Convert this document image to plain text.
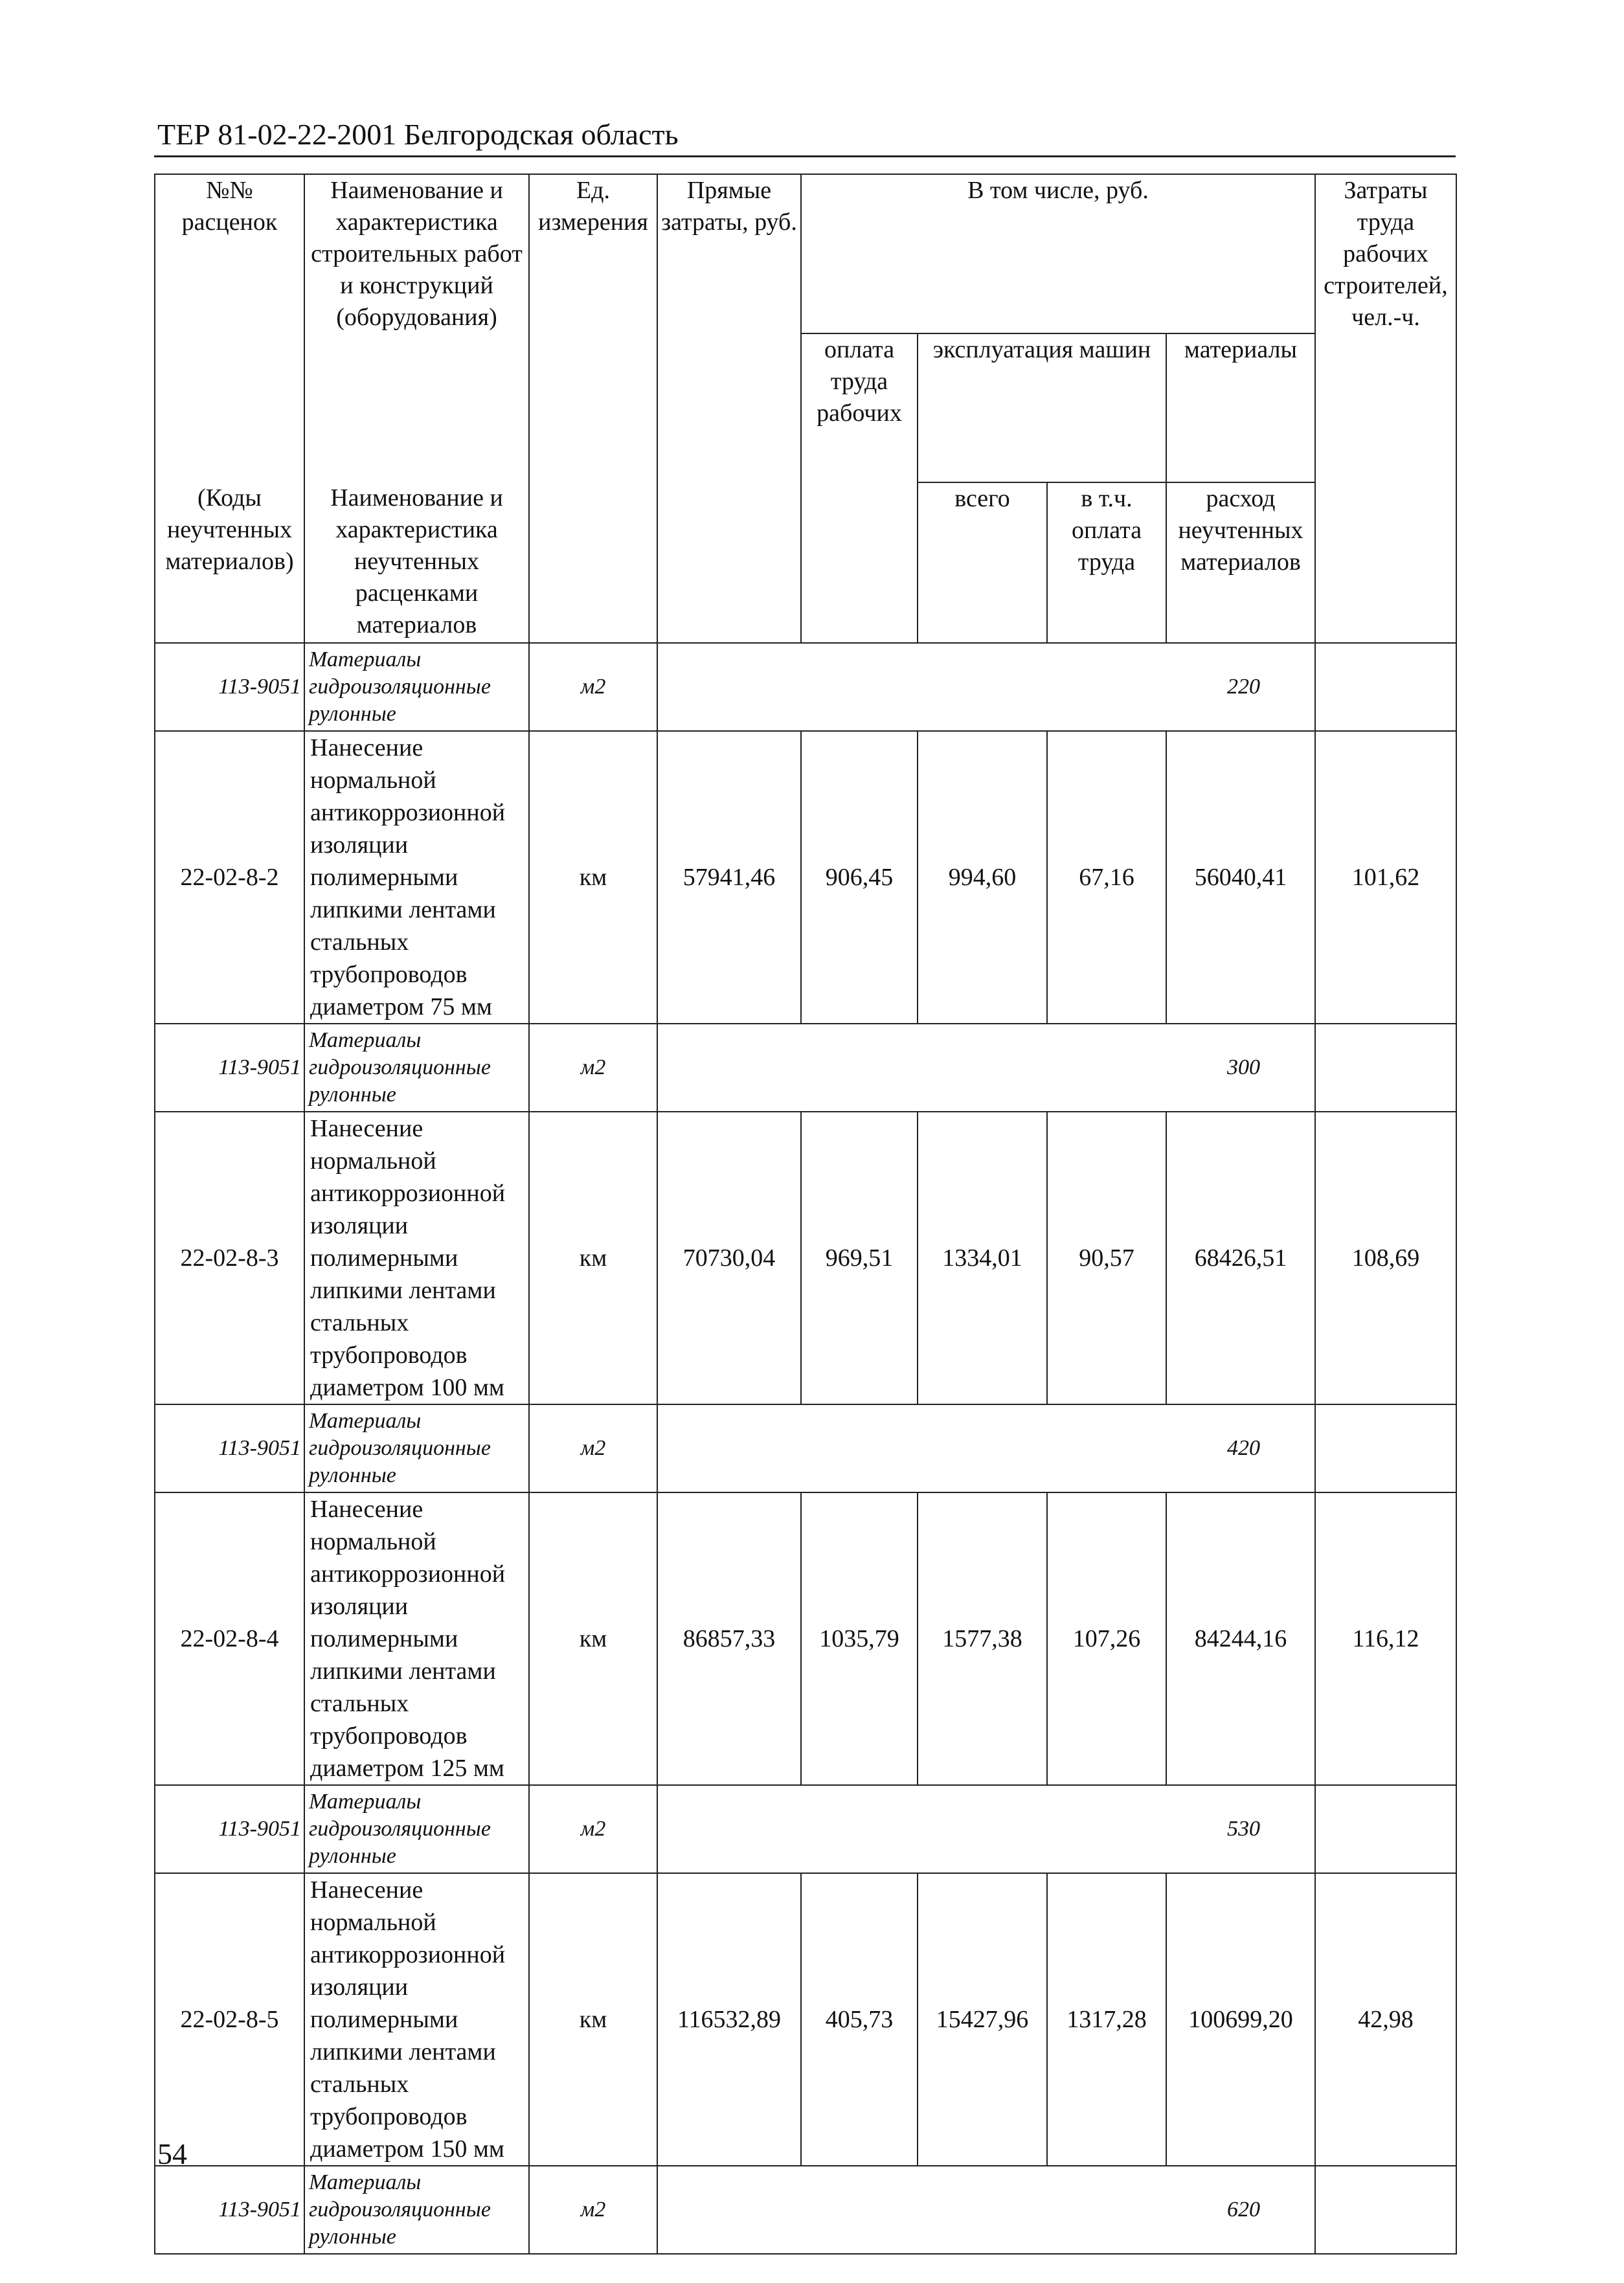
ТЕР 81-02-22-2001 Белгородская область
№№ расценок	Наименование и характеристика строительных работ и конструкций (оборудования)	Ед. измерения	Прямые затраты, руб.	В том числе, руб.				Затраты труда рабочих строителей, чел.-ч.
				оплата труда рабочих	эксплуатация машин		материалы	
(Коды неучтенных материалов)	Наименование и характеристика неучтенных расценками материалов				всего	в т.ч. оплата труда	расход неучтенных материалов	
113-9051	Материалы гидроизоляционные рулонные	м2	220					
22-02-8-2	Нанесение нормальной антикоррозионной изоляции полимерными липкими лентами стальных трубопроводов диаметром 75 мм	км	57941,46	906,45	994,60	67,16	56040,41	101,62
113-9051	Материалы гидроизоляционные рулонные	м2	300					
22-02-8-3	Нанесение нормальной антикоррозионной изоляции полимерными липкими лентами стальных трубопроводов диаметром 100 мм	км	70730,04	969,51	1334,01	90,57	68426,51	108,69
113-9051	Материалы гидроизоляционные рулонные	м2	420					
22-02-8-4	Нанесение нормальной антикоррозионной изоляции полимерными липкими лентами стальных трубопроводов диаметром 125 мм	км	86857,33	1035,79	1577,38	107,26	84244,16	116,12
113-9051	Материалы гидроизоляционные рулонные	м2	530					
22-02-8-5	Нанесение нормальной антикоррозионной изоляции полимерными липкими лентами стальных трубопроводов диаметром 150 мм	км	116532,89	405,73	15427,96	1317,28	100699,20	42,98
113-9051	Материалы гидроизоляционные рулонные	м2	620					
54
